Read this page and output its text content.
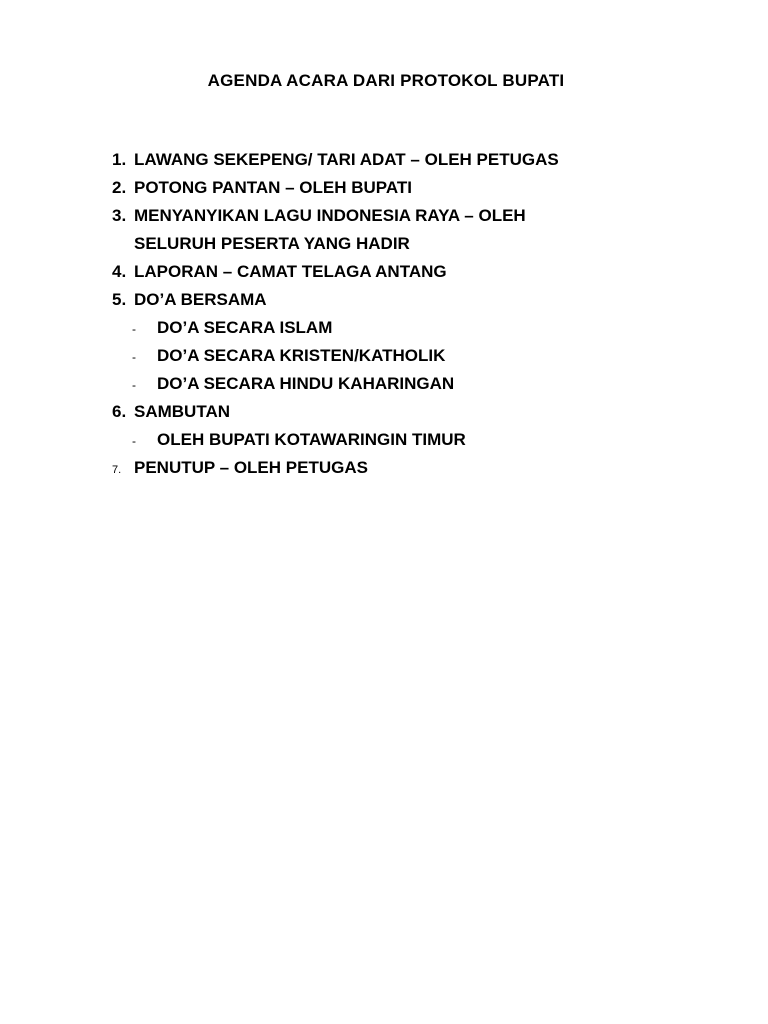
AGENDA ACARA DARI PROTOKOL BUPATI
1. LAWANG SEKEPENG/ TARI ADAT – OLEH PETUGAS
2. POTONG PANTAN – OLEH BUPATI
3. MENYANYIKAN LAGU INDONESIA RAYA – OLEH
SELURUH PESERTA YANG HADIR
4. LAPORAN – CAMAT TELAGA ANTANG
5. DO’A BERSAMA
- DO’A SECARA ISLAM
- DO’A SECARA KRISTEN/KATHOLIK
- DO’A SECARA HINDU KAHARINGAN
6. SAMBUTAN
- OLEH BUPATI KOTAWARINGIN TIMUR
7. PENUTUP – OLEH PETUGAS
